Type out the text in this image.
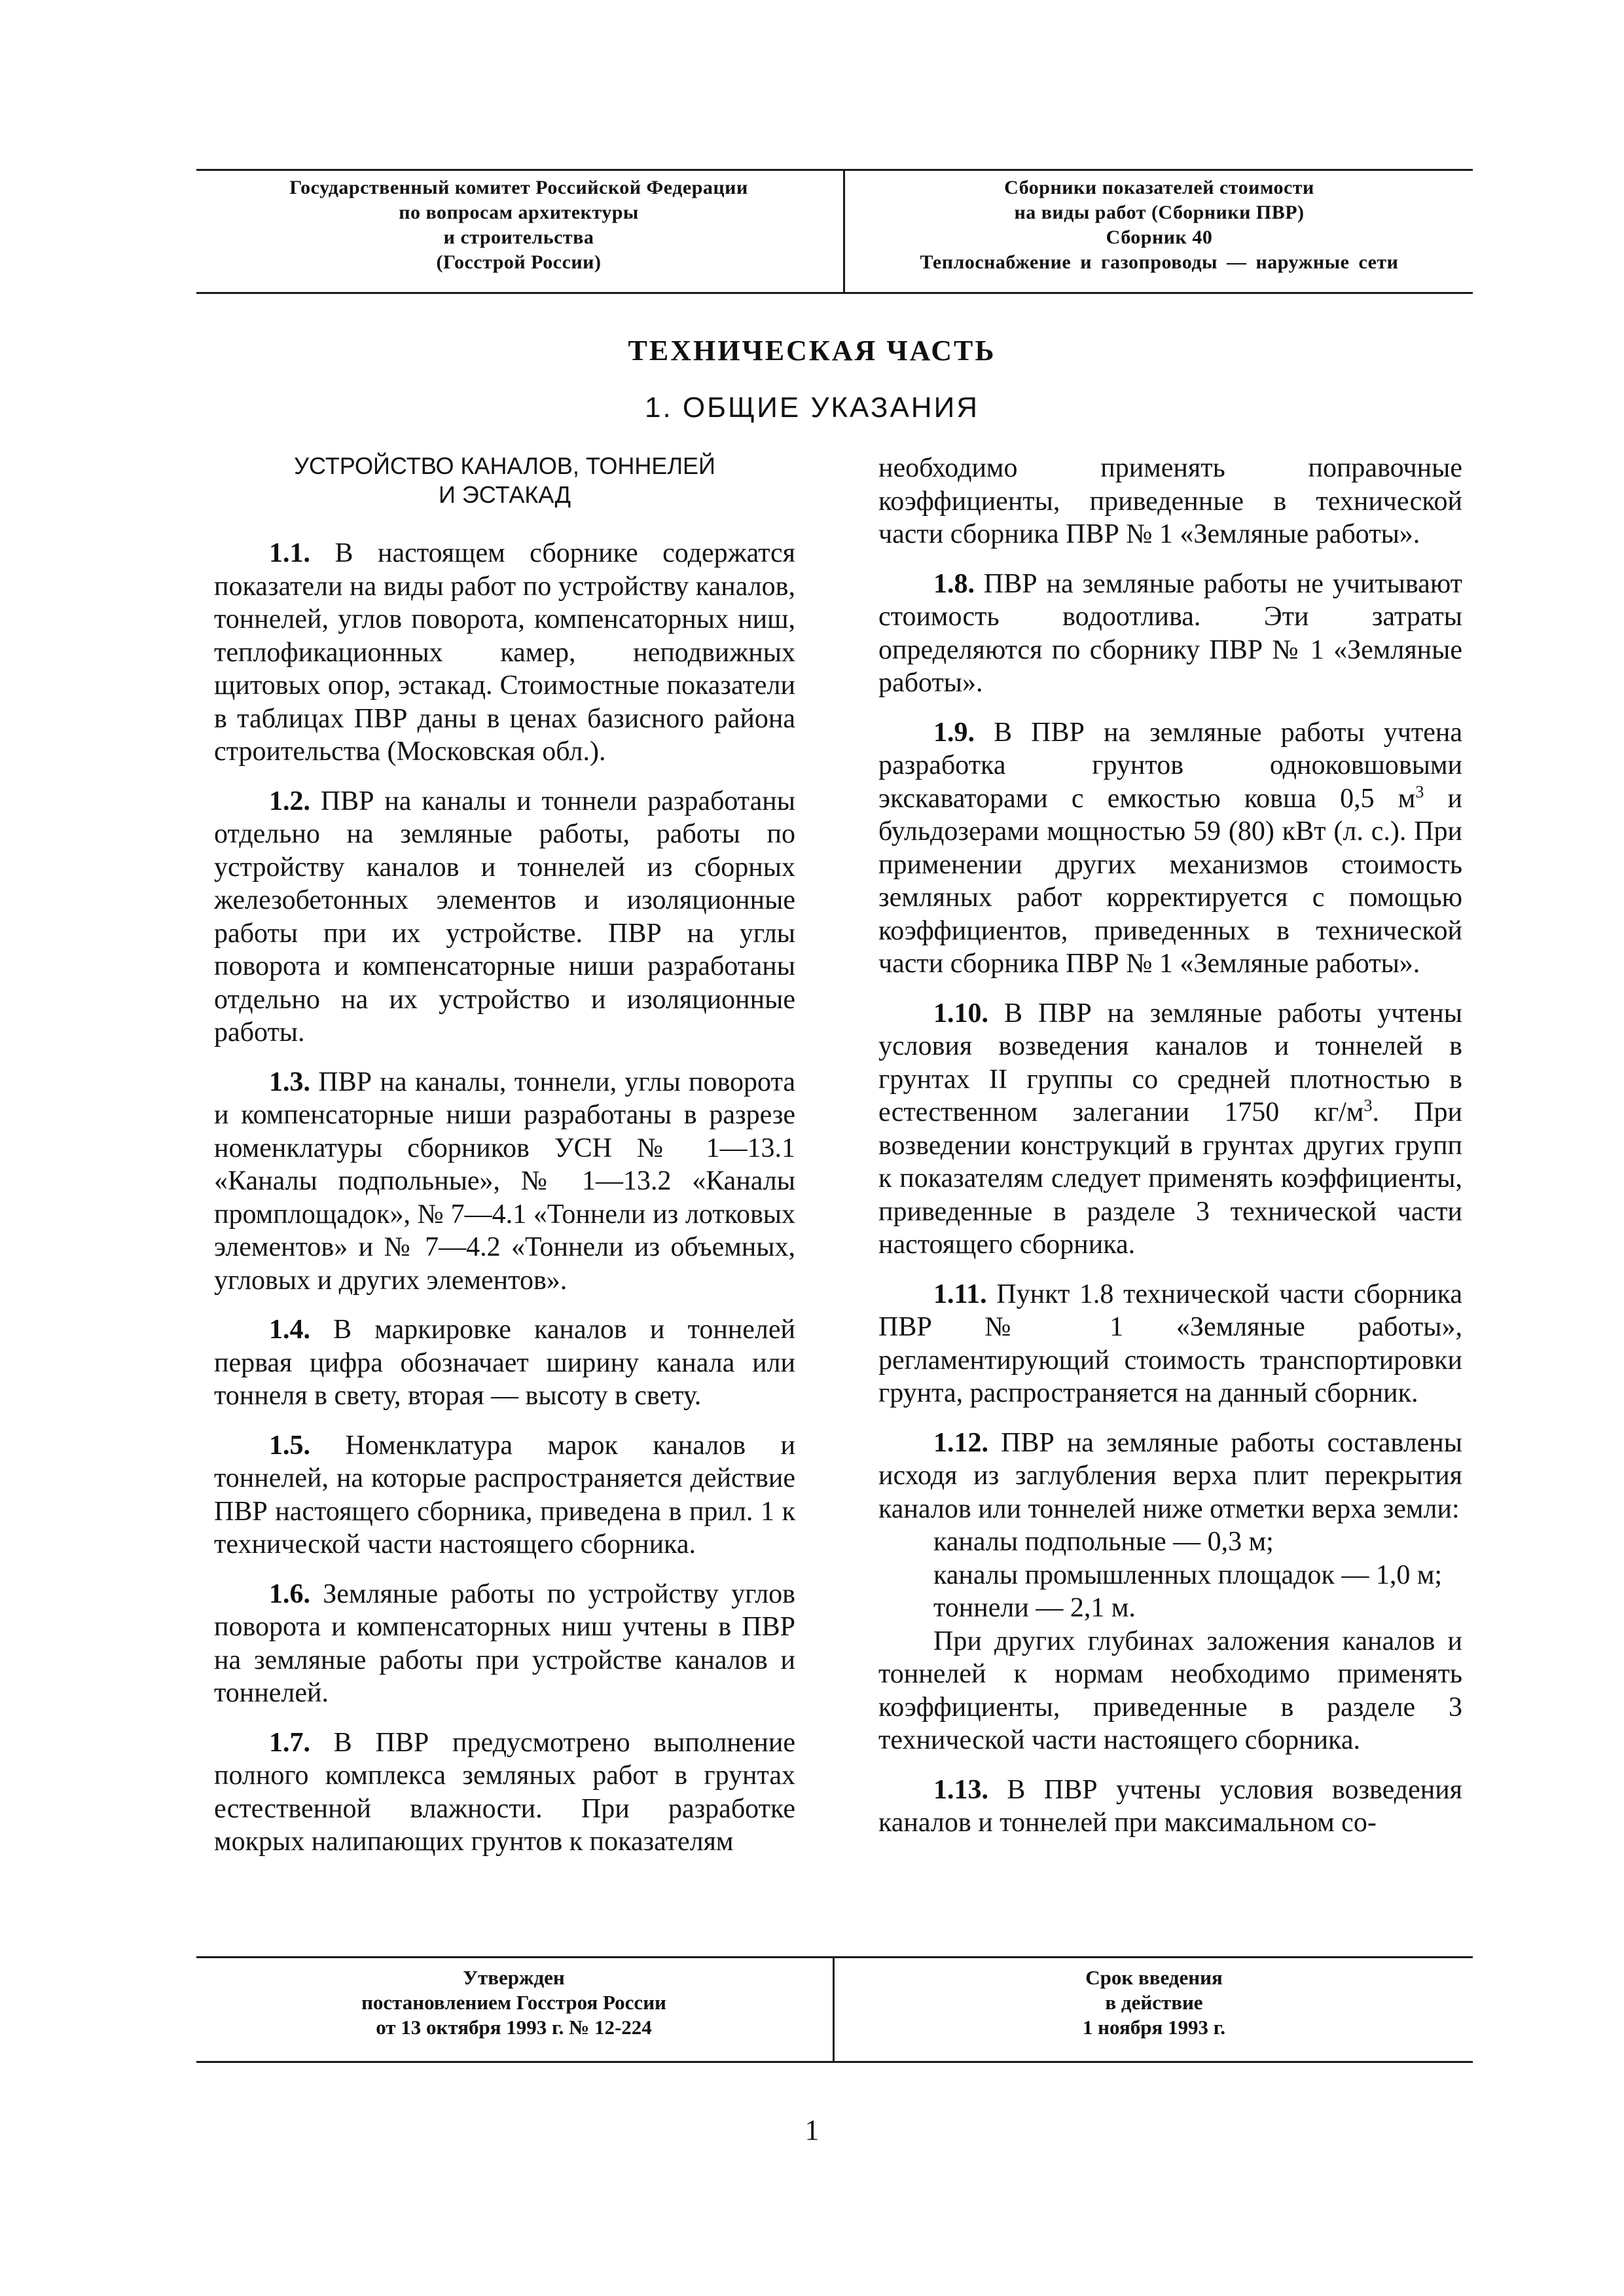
Государственный комитет Российской Федерации
по вопросам архитектуры
и строительства
(Госстрой России)
Сборники показателей стоимости
на виды работ (Сборники ПВР)
Сборник 40
Теплоснабжение и газопроводы — наружные сети
ТЕХНИЧЕСКАЯ ЧАСТЬ
1. ОБЩИЕ УКАЗАНИЯ
УСТРОЙСТВО КАНАЛОВ, ТОННЕЛЕЙ
И ЭСТАКАД

1.1. В настоящем сборнике содержатся показатели на виды работ по устройству каналов, тоннелей, углов поворота, компенсаторных ниш, теплофикационных камер, неподвижных щитовых опор, эстакад. Стоимостные показатели в таблицах ПВР даны в ценах базисного района строительства (Московская обл.).

1.2. ПВР на каналы и тоннели разработаны отдельно на земляные работы, работы по устройству каналов и тоннелей из сборных железобетонных элементов и изоляционные работы при их устройстве. ПВР на углы поворота и компенсаторные ниши разработаны отдельно на их устройство и изоляционные работы.

1.3. ПВР на каналы, тоннели, углы поворота и компенсаторные ниши разработаны в разрезе номенклатуры сборников УСН № 1—13.1 «Каналы подпольные», № 1—13.2 «Каналы промплощадок», № 7—4.1 «Тоннели из лотковых элементов» и № 7—4.2 «Тоннели из объемных, угловых и других элементов».

1.4. В маркировке каналов и тоннелей первая цифра обозначает ширину канала или тоннеля в свету, вторая — высоту в свету.

1.5. Номенклатура марок каналов и тоннелей, на которые распространяется действие ПВР настоящего сборника, приведена в прил. 1 к технической части настоящего сборника.

1.6. Земляные работы по устройству углов поворота и компенсаторных ниш учтены в ПВР на земляные работы при устройстве каналов и тоннелей.

1.7. В ПВР предусмотрено выполнение полного комплекса земляных работ в грунтах естественной влажности. При разработке мокрых налипающих грунтов к показателям

необходимо применять поправочные коэффициенты, приведенные в технической части сборника ПВР № 1 «Земляные работы».

1.8. ПВР на земляные работы не учитывают стоимость водоотлива. Эти затраты определяются по сборнику ПВР № 1 «Земляные работы».

1.9. В ПВР на земляные работы учтена разработка грунтов одноковшовыми экскаваторами с емкостью ковша 0,5 $м^3$ и бульдозерами мощностью 59 (80) кВт (л. с.). При применении других механизмов стоимость земляных работ корректируется с помощью коэффициентов, приведенных в технической части сборника ПВР № 1 «Земляные работы».

1.10. В ПВР на земляные работы учтены условия возведения каналов и тоннелей в грунтах II группы со средней плотностью в естественном залегании 1750 $кг/м^3$. При возведении конструкций в грунтах других групп к показателям следует применять коэффициенты, приведенные в разделе 3 технической части настоящего сборника.

1.11. Пункт 1.8 технической части сборника ПВР № 1 «Земляные работы», регламентирующий стоимость транспортировки грунта, распространяется на данный сборник.

1.12. ПВР на земляные работы составлены исходя из заглубления верха плит перекрытия каналов или тоннелей ниже отметки верха земли:

каналы подпольные — 0,3 м;

каналы промышленных площадок — 1,0 м;

тоннели — 2,1 м.

При других глубинах заложения каналов и тоннелей к нормам необходимо применять коэффициенты, приведенные в разделе 3 технической части настоящего сборника.

1.13. В ПВР учтены условия возведения каналов и тоннелей при максимальном со-

Утвержден
постановлением Госстроя России
от 13 октября 1993 г. № 12-224
Срок введения
в действие
1 ноября 1993 г.
1
